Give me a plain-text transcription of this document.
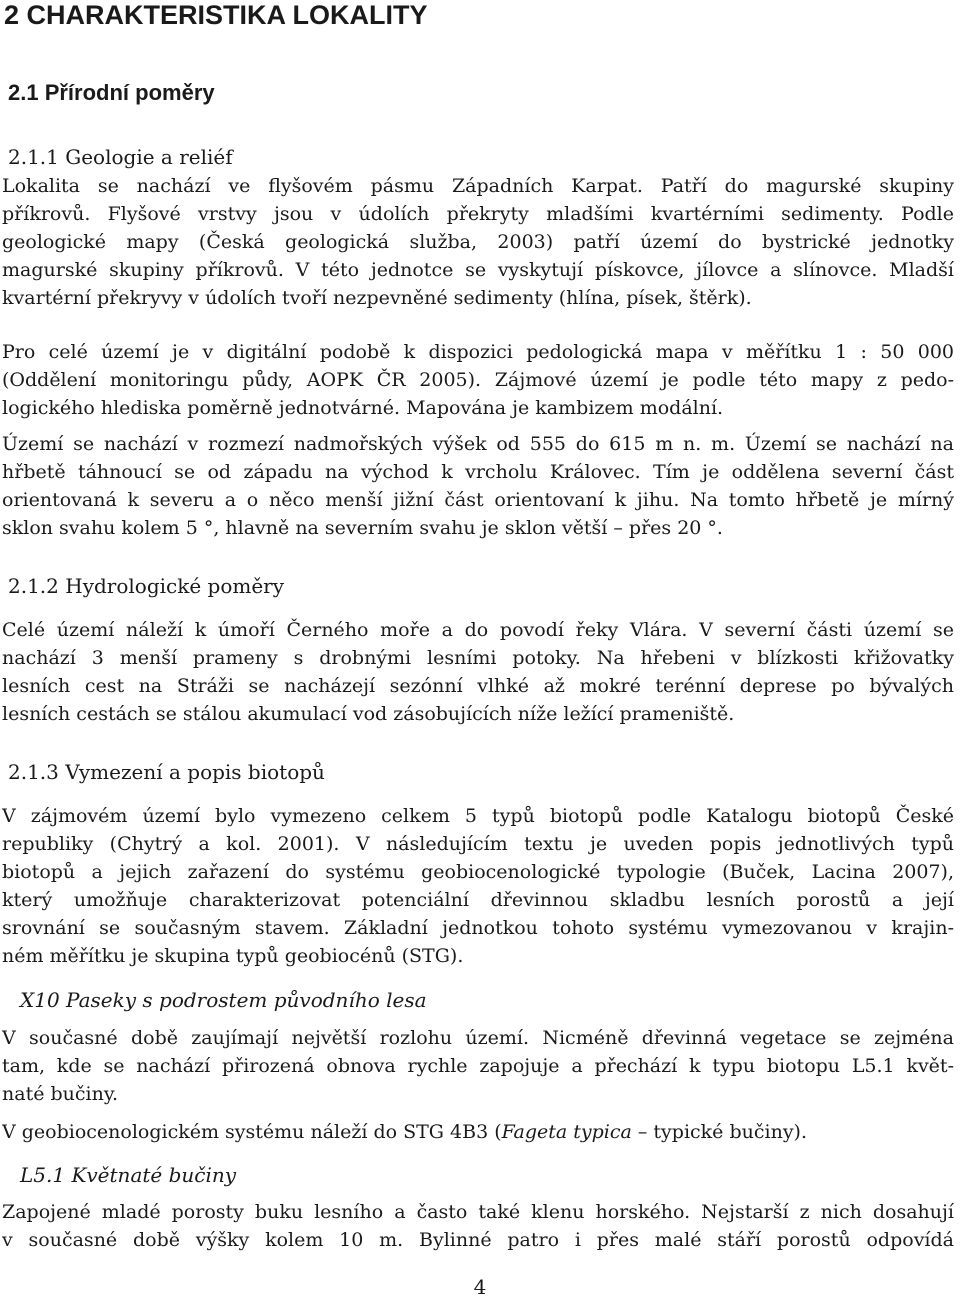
2 CHARAKTERISTIKA LOKALITY
2.1 Přírodní poměry
2.1.1 Geologie a reliéf
Lokalita se nachází ve flyšovém pásmu Západních Karpat. Patří do magurské skupiny
příkrovů. Flyšové vrstvy jsou v údolích překryty mladšími kvartérními sedimenty. Podle
geologické mapy (Česká geologická služba, 2003) patří území do bystrické jednotky
magurské skupiny příkrovů. V této jednotce se vyskytují pískovce, jílovce a slínovce. Mladší
kvartérní překryvy v údolích tvoří nezpevněné sedimenty (hlína, písek, štěrk).
Pro celé území je v digitální podobě k dispozici pedologická mapa v měřítku 1 : 50 000
(Oddělení monitoringu půdy, AOPK ČR 2005). Zájmové území je podle této mapy z pedo-
logického hlediska poměrně jednotvárné. Mapována je kambizem modální.
Území se nachází v rozmezí nadmořských výšek od 555 do 615 m n. m. Území se nachází na
hřbetě táhnoucí se od západu na východ k vrcholu Královec. Tím je oddělena severní část
orientovaná k severu a o něco menší jižní část orientovaní k jihu. Na tomto hřbetě je mírný
sklon svahu kolem 5 °, hlavně na severním svahu je sklon větší – přes 20 °.
2.1.2 Hydrologické poměry
Celé území náleží k úmoří Černého moře a do povodí řeky Vlára. V severní části území se
nachází 3 menší prameny s drobnými lesními potoky. Na hřebeni v blízkosti křižovatky
lesních cest na Stráži se nacházejí sezónní vlhké až mokré terénní deprese po bývalých
lesních cestách se stálou akumulací vod zásobujících níže ležící prameniště.
2.1.3 Vymezení a popis biotopů
V zájmovém území bylo vymezeno celkem 5 typů biotopů podle Katalogu biotopů České
republiky (Chytrý a kol. 2001). V následujícím textu je uveden popis jednotlivých typů
biotopů a jejich zařazení do systému geobiocenologické typologie (Buček, Lacina 2007),
který umožňuje charakterizovat potenciální dřevinnou skladbu lesních porostů a její
srovnání se současným stavem. Základní jednotkou tohoto systému vymezovanou v krajin-
ném měřítku je skupina typů geobiocénů (STG).

X10 Paseky s podrostem původního lesa

V současné době zaujímají největší rozlohu území. Nicméně dřevinná vegetace se zejména
tam, kde se nachází přirozená obnova rychle zapojuje a přechází k typu biotopu L5.1 květ-
naté bučiny.
V geobiocenologickém systému náleží do STG 4B3 (Fageta typica – typické bučiny).

L5.1 Květnaté bučiny

Zapojené mladé porosty buku lesního a často také klenu horského. Nejstarší z nich dosahují
v současné době výšky kolem 10 m. Bylinné patro i přes malé stáří porostů odpovídá
4
